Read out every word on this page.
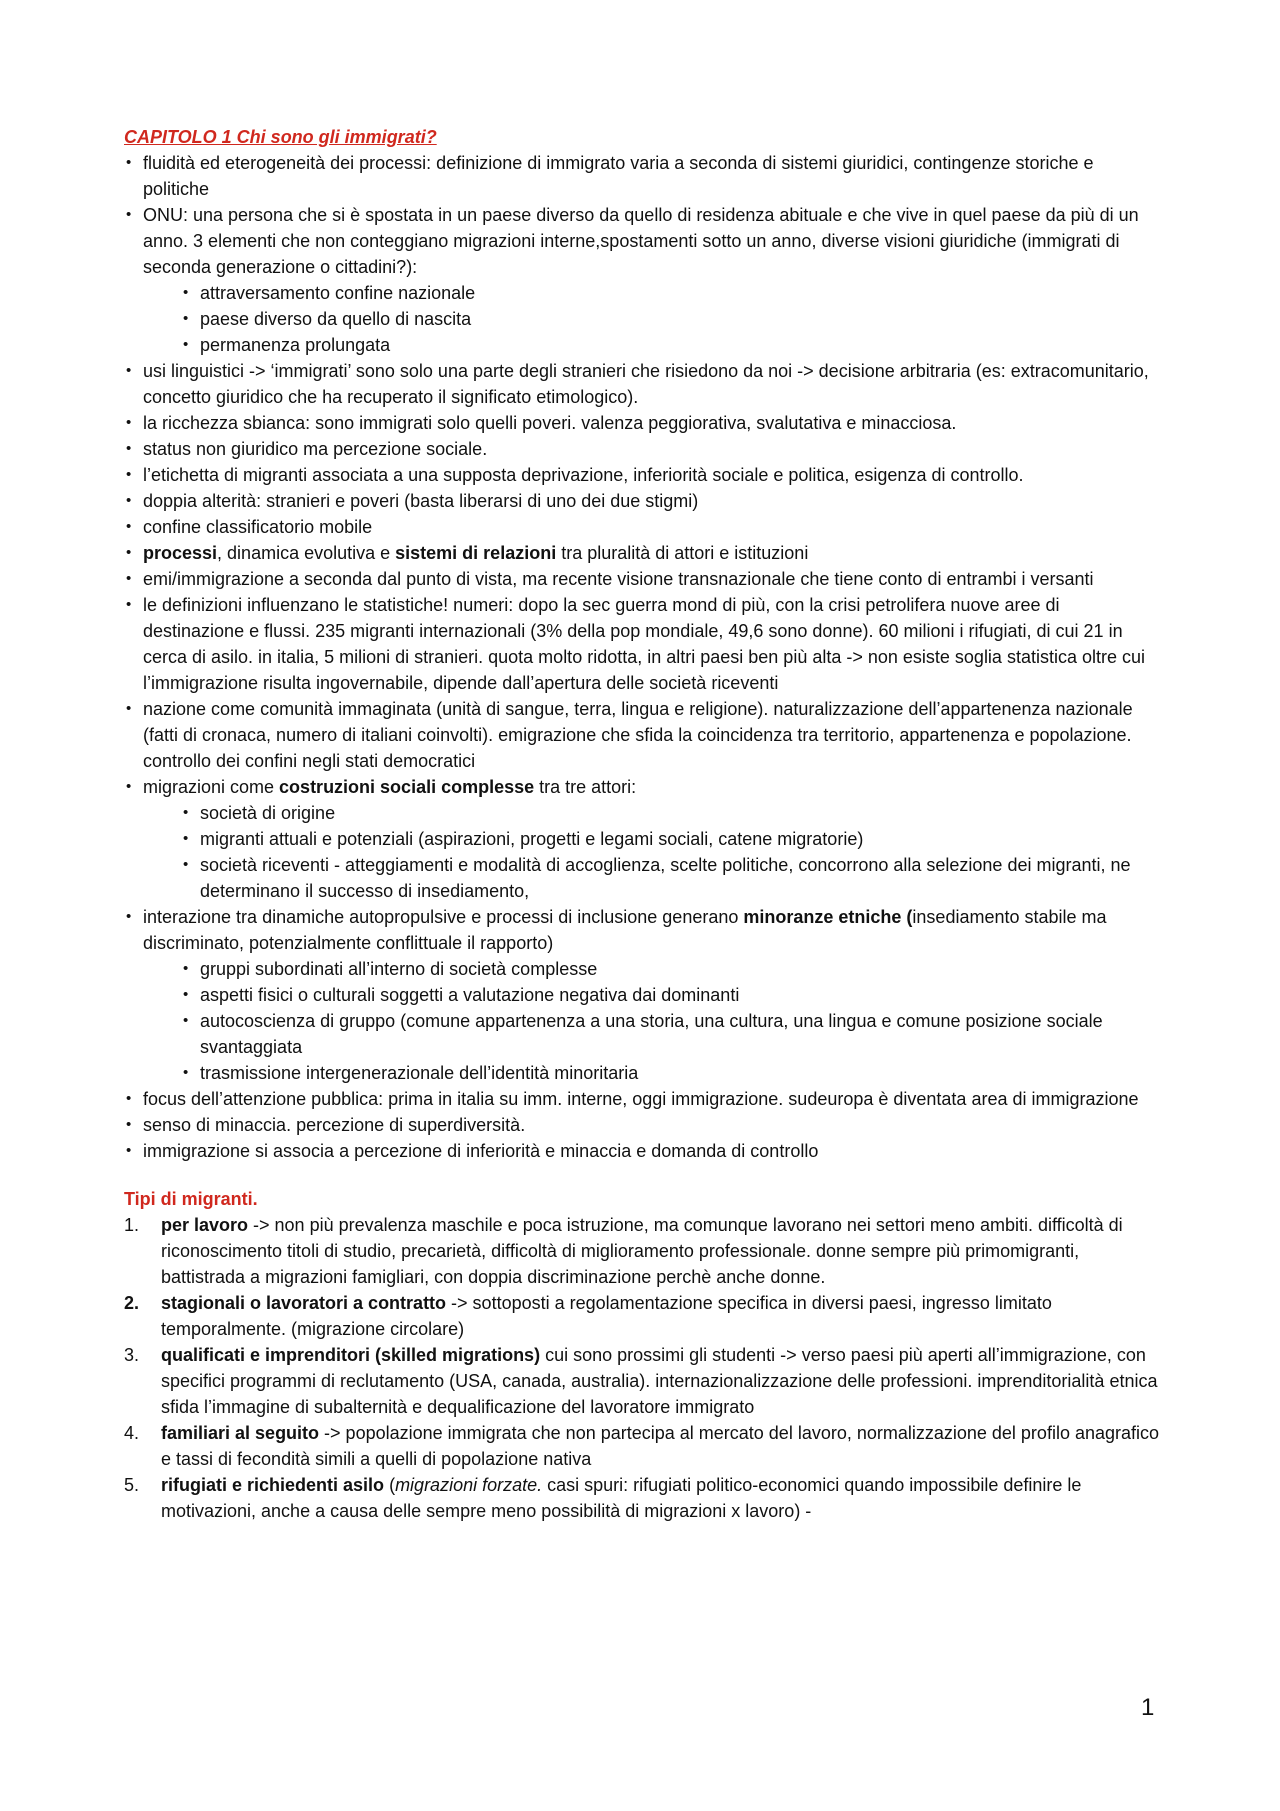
CAPITOLO 1 Chi sono gli immigrati?
• fluidità ed eterogeneità dei processi: definizione di immigrato varia a seconda di sistemi giuridici, contingenze storiche e politiche
• ONU: una persona che si è spostata in un paese diverso da quello di residenza abituale e che vive in quel paese da più di un anno. 3 elementi che non conteggiano migrazioni interne,spostamenti sotto un anno, diverse visioni giuridiche (immigrati di seconda generazione o cittadini?):
• attraversamento confine nazionale
• paese diverso da quello di nascita
• permanenza prolungata
• usi linguistici -> ‘immigrati’ sono solo una parte degli stranieri che risiedono da noi -> decisione arbitraria (es: extracomunitario, concetto giuridico che ha recuperato il significato etimologico).
• la ricchezza sbianca: sono immigrati solo quelli poveri. valenza peggiorativa, svalutativa e minacciosa.
• status non giuridico ma percezione sociale.
• l’etichetta di migranti associata a una supposta deprivazione, inferiorità sociale e politica, esigenza di controllo.
• doppia alterità: stranieri e poveri (basta liberarsi di uno dei due stigmi)
• confine classificatorio mobile
• processi, dinamica evolutiva e sistemi di relazioni tra pluralità di attori e istituzioni
• emi/immigrazione a seconda dal punto di vista, ma recente visione transnazionale che tiene conto di entrambi i versanti
• le definizioni influenzano le statistiche! numeri: dopo la sec guerra mond di più, con la crisi petrolifera nuove aree di destinazione e flussi. 235 migranti internazionali (3% della pop mondiale, 49,6 sono donne). 60 milioni i rifugiati, di cui 21 in cerca di asilo. in italia, 5 milioni di stranieri. quota molto ridotta, in altri paesi ben più alta -> non esiste soglia statistica oltre cui l’immigrazione risulta ingovernabile, dipende dall’apertura delle società riceventi
• nazione come comunità immaginata (unità di sangue, terra, lingua e religione). naturalizzazione dell’appartenenza nazionale (fatti di cronaca, numero di italiani coinvolti). emigrazione che sfida la coincidenza tra territorio, appartenenza e popolazione. controllo dei confini negli stati democratici
• migrazioni come costruzioni sociali complesse tra tre attori:
• società di origine
• migranti attuali e potenziali (aspirazioni, progetti e legami sociali, catene migratorie)
• società riceventi - atteggiamenti e modalità di accoglienza, scelte politiche, concorrono alla selezione dei migranti, ne determinano il successo di insediamento,
• interazione tra dinamiche autopropulsive e processi di inclusione generano minoranze etniche (insediamento stabile ma discriminato, potenzialmente conflittuale il rapporto)
• gruppi subordinati all’interno di società complesse
• aspetti fisici o culturali soggetti a valutazione negativa dai dominanti
• autocoscienza di gruppo (comune appartenenza a una storia, una cultura, una lingua e comune posizione sociale svantaggiata
• trasmissione intergenerazionale dell’identità minoritaria
• focus dell’attenzione pubblica: prima in italia su imm. interne, oggi immigrazione. sudeuropa è diventata area di immigrazione
• senso di minaccia. percezione di superdiversità.
• immigrazione si associa a percezione di inferiorità e minaccia e domanda di controllo
Tipi di migranti.
1. per lavoro -> non più prevalenza maschile e poca istruzione, ma comunque lavorano nei settori meno ambiti. difficoltà di riconoscimento titoli di studio, precarietà, difficoltà di miglioramento professionale. donne sempre più primomigranti, battistrada a migrazioni famigliari, con doppia discriminazione perchè anche donne.
2. stagionali o lavoratori a contratto -> sottoposti a regolamentazione specifica in diversi paesi, ingresso limitato temporalmente. (migrazione circolare)
3. qualificati e imprenditori (skilled migrations) cui sono prossimi gli studenti -> verso paesi più aperti all’immigrazione, con specifici programmi di reclutamento (USA, canada, australia). internazionalizzazione delle professioni. imprenditorialità etnica sfida l’immagine di subalternità e dequalificazione del lavoratore immigrato
4. familiari al seguito -> popolazione immigrata che non partecipa al mercato del lavoro, normalizzazione del profilo anagrafico e tassi di fecondità simili a quelli di popolazione nativa
5. rifugiati e richiedenti asilo (migrazioni forzate. casi spuri: rifugiati politico-economici quando impossibile definire le motivazioni, anche a causa delle sempre meno possibilità di migrazioni x lavoro) -
1
